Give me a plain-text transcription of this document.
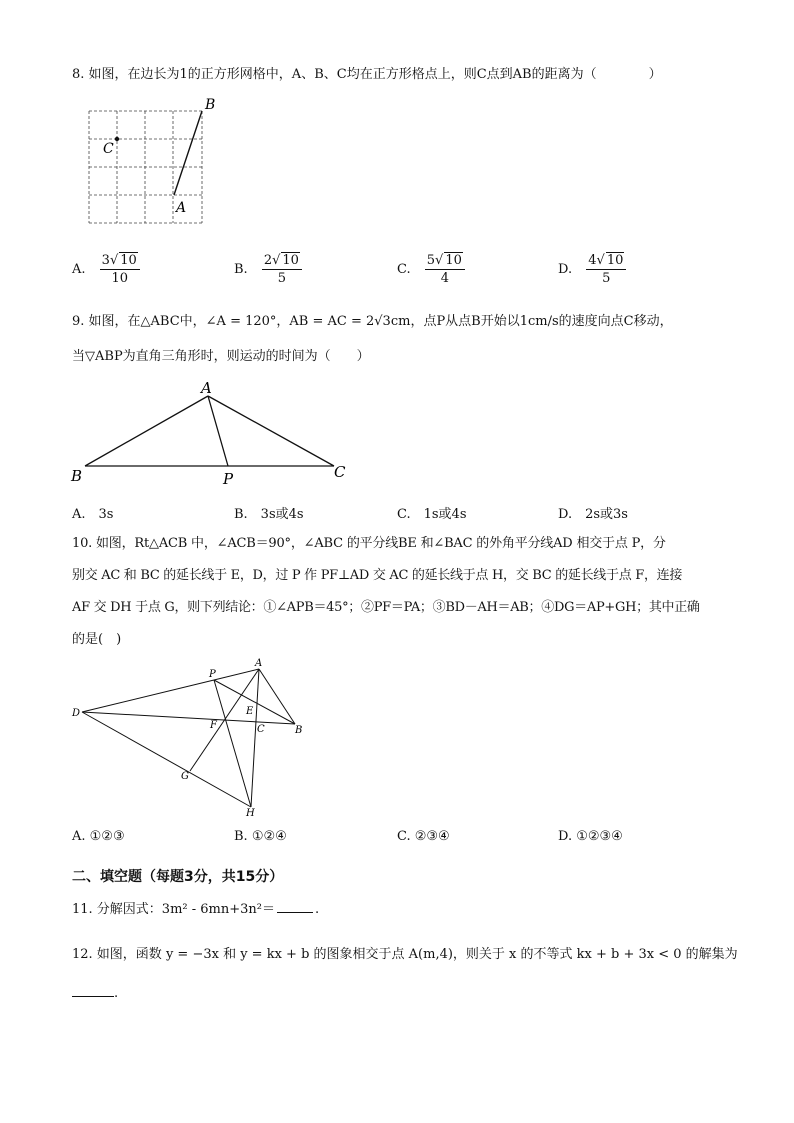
8. 如图，在边长为1的正方形网格中，A、B、C均在正方形格点上，则C点到AB的距离为（　　　　）
B
C
A
A. $\frac{3√ 10}{10}$	B. $\frac{2√ 10}{5}$	C. $\frac{5√ 10}{4}$	D. $\frac{4√ 10}{5}$
9. 如图，在△ABC中，∠A = 120°，AB = AC = 2√3cm，点P从点B开始以1cm/s的速度向点C移动，
当▽ABP为直角三角形时，则运动的时间为（　　）
A
B	C
P
A.　3s	B.　3s或4s	C.　1s或4s	D.　2s或3s
10. 如图，Rt△ACB 中，∠ACB＝90°，∠ABC 的平分线BE 和∠BAC 的外角平分线AD 相交于点 P，分
别交 AC 和 BC 的延长线于 E，D，过 P 作 PF⊥AD 交 AC 的延长线于点 H，交 BC 的延长线于点 F，连接
AF 交 DH 于点 G，则下列结论：①∠APB＝45°；②PF＝PA；③BD－AH＝AB；④DG＝AP+GH；其中正确
的是(　)
A
P
D	E
F	C	B
G
H
A. ①②③	B. ①②④	C. ②③④	D. ①②③④
二、填空题（每题3分，共15分）
11. 分解因式：3m² - 6mn+3n²＝	.
12. 如图，函数 y = −3x 和 y = kx + b 的图象相交于点 A(m,4)，则关于 x 的不等式 kx + b + 3x < 0 的解集为
.
